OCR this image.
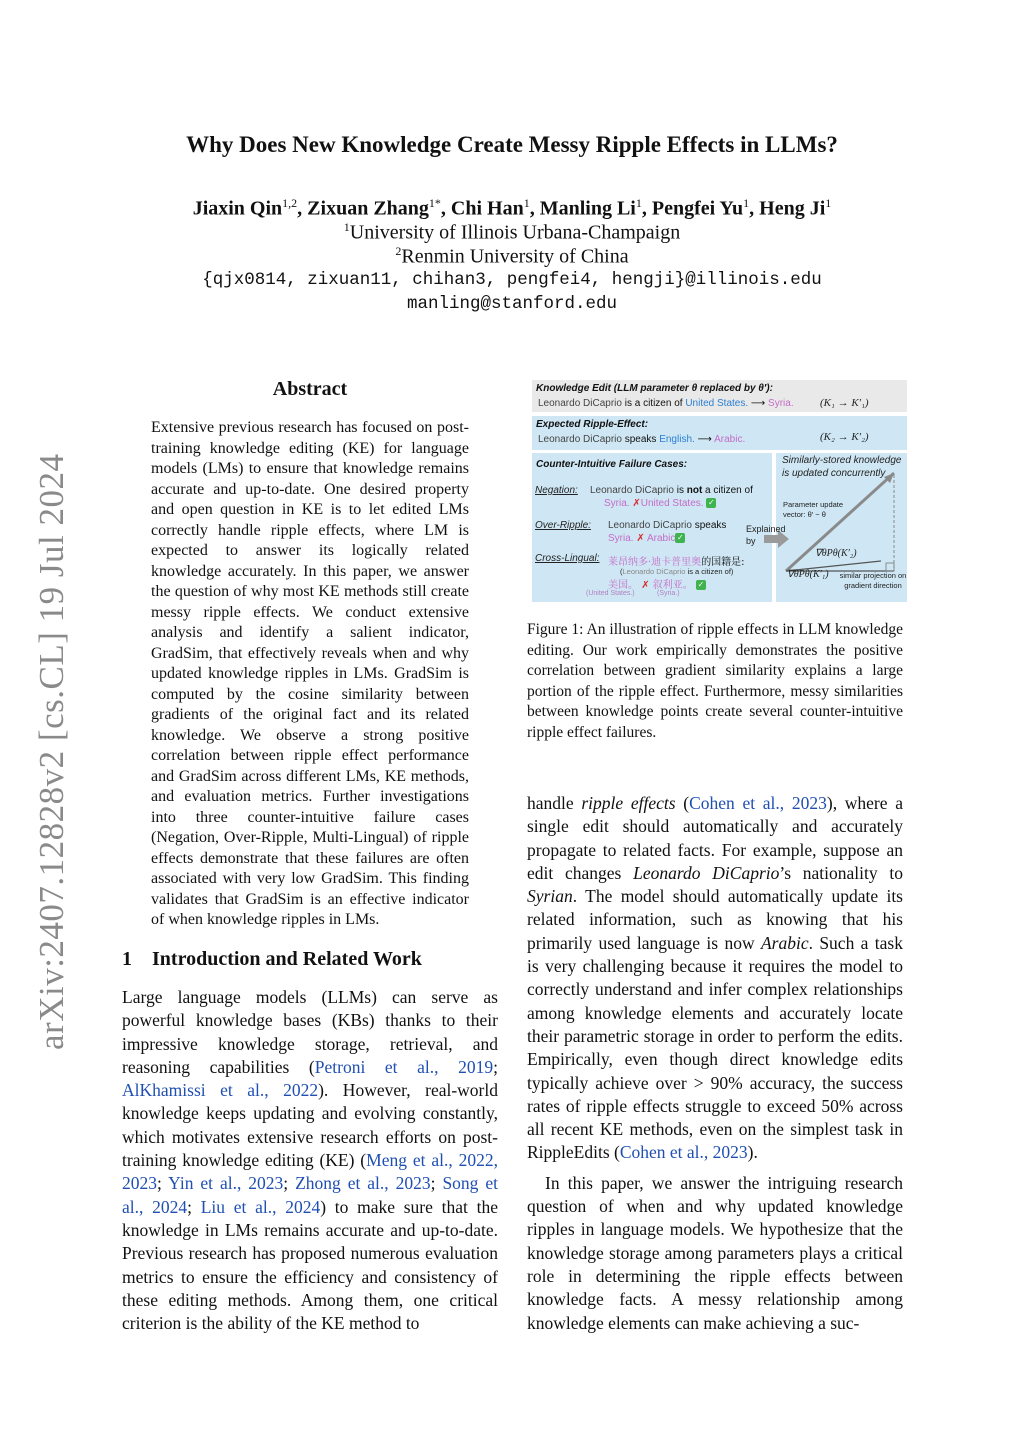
arXiv:2407.12828v2 [cs.CL] 19 Jul 2024
Why Does New Knowledge Create Messy Ripple Effects in LLMs?
Jiaxin Qin$^{1,2}$, Zixuan Zhang$^{1*}$, Chi Han$^1$, Manling Li$^1$, Pengfei Yu$^1$, Heng Ji$^1$
$^1$University of Illinois Urbana-Champaign
$^2$Renmin University of China
{qjx0814, zixuan11, chihan3, pengfei4, hengji}@illinois.edu
manling@stanford.edu
Abstract
Extensive previous research has focused on post-training knowledge editing (KE) for language models (LMs) to ensure that knowledge remains accurate and up-to-date. One desired property and open question in KE is to let edited LMs correctly handle ripple effects, where LM is expected to answer its logically related knowledge accurately. In this paper, we answer the question of why most KE methods still create messy ripple effects. We conduct extensive analysis and identify a salient indicator, GradSim, that effectively reveals when and why updated knowledge ripples in LMs. GradSim is computed by the cosine similarity between gradients of the original fact and its related knowledge. We observe a strong positive correlation between ripple effect performance and GradSim across different LMs, KE methods, and evaluation metrics. Further investigations into three counter-intuitive failure cases (Negation, Over-Ripple, Multi-Lingual) of ripple effects demonstrate that these failures are often associated with very low GradSim. This finding validates that GradSim is an effective indicator of when knowledge ripples in LMs.
1 Introduction and Related Work
Large language models (LLMs) can serve as powerful knowledge bases (KBs) thanks to their impressive knowledge storage, retrieval, and reasoning capabilities (Petroni et al., 2019; AlKhamissi et al., 2022). However, real-world knowledge keeps updating and evolving constantly, which motivates extensive research efforts on post-training knowledge editing (KE) (Meng et al., 2022, 2023; Yin et al., 2023; Zhong et al., 2023; Song et al., 2024; Liu et al., 2024) to make sure that the knowledge in LMs remains accurate and up-to-date. Previous research has proposed numerous evaluation metrics to ensure the efficiency and consistency of these editing methods. Among them, one critical criterion is the ability of the KE method to

handle ripple effects (Cohen et al., 2023), where a single edit should automatically and accurately propagate to related facts. For example, suppose an edit changes Leonardo DiCaprio’s nationality to Syrian. The model should automatically update its related information, such as knowing that his primarily used language is now Arabic. Such a task is very challenging because it requires the model to correctly understand and infer complex relationships among knowledge elements and accurately locate their parametric storage in order to perform the edits. Empirically, even though direct knowledge edits typically achieve over > 90% accuracy, the success rates of ripple effects struggle to exceed 50% across all recent KE methods, even on the simplest task in RippleEdits (Cohen et al., 2023).

In this paper, we answer the intriguing research question of when and why updated knowledge ripples in language models. We hypothesize that the knowledge storage among parameters plays a critical role in determining the ripple effects between knowledge facts. A messy relationship among knowledge elements can make achieving a suc-

Knowledge Edit (LLM parameter θ replaced by θ′):
Leonardo DiCaprio is a citizen of United States. ⟶ Syria. (K₁ → K′₁)
Expected Ripple-Effect:
Leonardo DiCaprio speaks English. ⟶ Arabic.	(K₂ → K′₂)
Counter-Intuitive Failure Cases:
Negation: Leonardo DiCaprio is not a citizen of
Syria. ✗United States. ✓
Over-Ripple: Leonardo DiCaprio speaks
Syria. ✗ Arabic ✓
Cross-Lingual: 莱昂纳多·迪卡普里奥的国籍是:
(Leonardo DiCaprio is a citizen of)
美国。 ✗ 叙利亚。 ✓
(United States.)	(Syria.)
Explained by
Similarly-stored knowledge is updated concurrently
Parameter update vector: θ′ − θ
∇θPθ(K′₂)
∇θPθ(K′₁)	similar projection on gradient direction
Figure 1: An illustration of ripple effects in LLM knowledge editing. Our work empirically demonstrates the positive correlation between gradient similarity explains a large portion of the ripple effect. Furthermore, messy similarities between knowledge points create several counter-intuitive ripple effect failures.
